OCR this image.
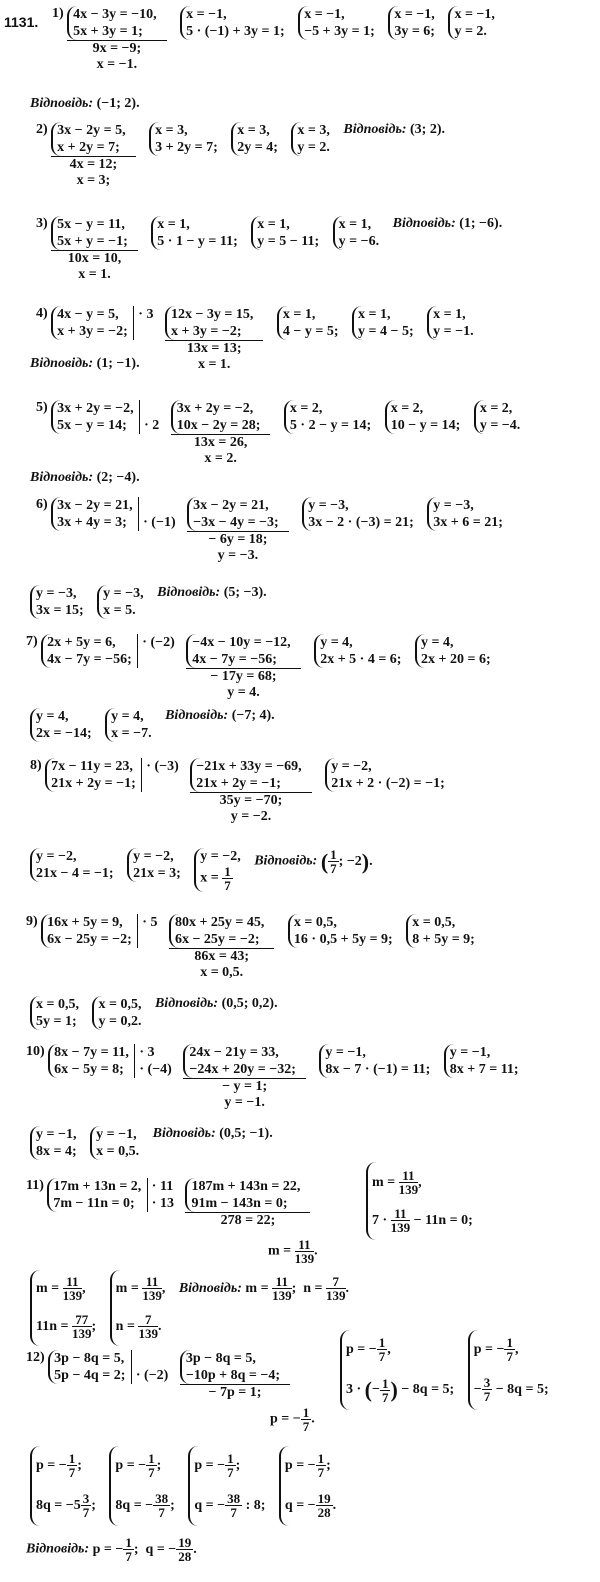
1131.
1) 4x − 3y = −10,
5x + 3y = 1;
9x = −9;
x = −1.

x = −1,
5 · (−1) + 3y = 1;

x = −1,
−5 + 3y = 1;

x = −1,
3y = 6;

x = −1,
y = 2.
Відповідь: (−1; 2).
2) 3x − 2y = 5,
x + 2y = 7;
4x = 12;
x = 3;

x = 3,
3 + 2y = 7;

x = 3,
2y = 4;

x = 3,
y = 2.
Відповідь: (3; 2).
3) 5x − y = 11,
5x + y = −1;
10x = 10,
x = 1.

x = 1,
5 · 1 − y = 11;

x = 1,
y = 5 − 11;

x = 1,
y = −6.
Відповідь: (1; −6).
4) 4x − y = 5,
x + 3y = −2;

· 3

12x − 3y = 15,
x + 3y = −2;
13x = 13;
x = 1.

x = 1,
4 − y = 5;

x = 1,
y = 4 − 5;

x = 1,
y = −1.
Відповідь: (1; −1).
5) 3x + 2y = −2,
5x − y = 14;

	· 2

3x + 2y = −2,
10x − 2y = 28;
13x = 26,
x = 2.

x = 2,
5 · 2 − y = 14;

x = 2,
10 − y = 14;

x = 2,
y = −4.
Відповідь: (2; −4).
6) 3x − 2y = 21,
3x + 4y = 3;

	· (−1)

3x − 2y = 21,
−3x − 4y = −3;
− 6y = 18;
y = −3.

y = −3,
3x − 2 · (−3) = 21;

y = −3,
3x + 6 = 21;
y = −3,
3x = 15;

y = −3,
x = 5.
Відповідь: (5; −3).
7) 2x + 5y = 6,
4x − 7y = −56;

· (−2)

−4x − 10y = −12,
4x − 7y = −56;
− 17y = 68;
y = 4.

y = 4,
2x + 5 · 4 = 6;

y = 4,
2x + 20 = 6;
y = 4,
2x = −14;

y = 4,
x = −7.
Відповідь: (−7; 4).
8) 7x − 11y = 23,
21x + 2y = −1;

· (−3)

−21x + 33y = −69,
21x + 2y = −1;
35y = −70;
y = −2.

y = −2,
21x + 2 · (−2) = −1;
y = −2,
21x − 4 = −1;

y = −2,
21x = 3;

y = −2,
$x = \frac{1}{7}$
Відповідь: ( $\frac{1}{7}$ ; −2).
9) 16x + 5y = 9,
6x − 25y = −2;

· 5

80x + 25y = 45,
6x − 25y = −2;
86x = 43;
x = 0,5.

x = 0,5,
16 · 0,5 + 5y = 9;

x = 0,5,
8 + 5y = 9;
x = 0,5,
5y = 1;

x = 0,5,
y = 0,2.
Відповідь: (0,5; 0,2).
10) 8x − 7y = 11,
6x − 5y = 8;

· 3
· (−4)

24x − 21y = 33,
−24x + 20y = −32;
− y = 1;
y = −1.

y = −1,
8x − 7 · (−1) = 11;

y = −1,
8x + 7 = 11;
y = −1,
8x = 4;

y = −1,
x = 0,5.
Відповідь: (0,5; −1).
11) 17m + 13n = 2,
7m − 11n = 0;

· 11
· 13
187m + 143n = 22,
91m − 143n = 0;
278 = 22;	$m = \frac{11}{139}$ ,
$7 \cdot \frac{11}{139} - 11n = 0$;
$m = \frac{11}{139}$ .
$m = \frac{11}{139}$ ,
$11n = \frac{77}{139}$ ;

$m = \frac{11}{139}$ ,
$n = \frac{7}{139}$ .
Відповідь: $m = \frac{11}{139}$ ;  $n = \frac{7}{139}$ .
12) 3p − 8q = 5,
5p − 4q = 2;

· (−2)
3p − 8q = 5,
−10p + 8q = −4;
− 7p = 1;
p = − $\frac{1}{7}$ ,
3 · (− $\frac{1}{7}$ ) − 8q = 5;

p = − $\frac{1}{7}$ ,
− $\frac{3}{7} - 8q = 5$;
p = − $\frac{1}{7}$ .
p = − $\frac{1}{7}$ ;
$8q = -5 \frac{3}{7}$ ;

p = − $\frac{1}{7}$ ;
8q = − $\frac{38}{7}$ ;

p = − $\frac{1}{7}$ ;
q = − $\frac{38}{7}$ : 8;

p = − $\frac{1}{7}$ ;
q = − $\frac{19}{28}$ .
Відповідь: p = − $\frac{1}{7}$ ;  q = − $\frac{19}{28}$ .
